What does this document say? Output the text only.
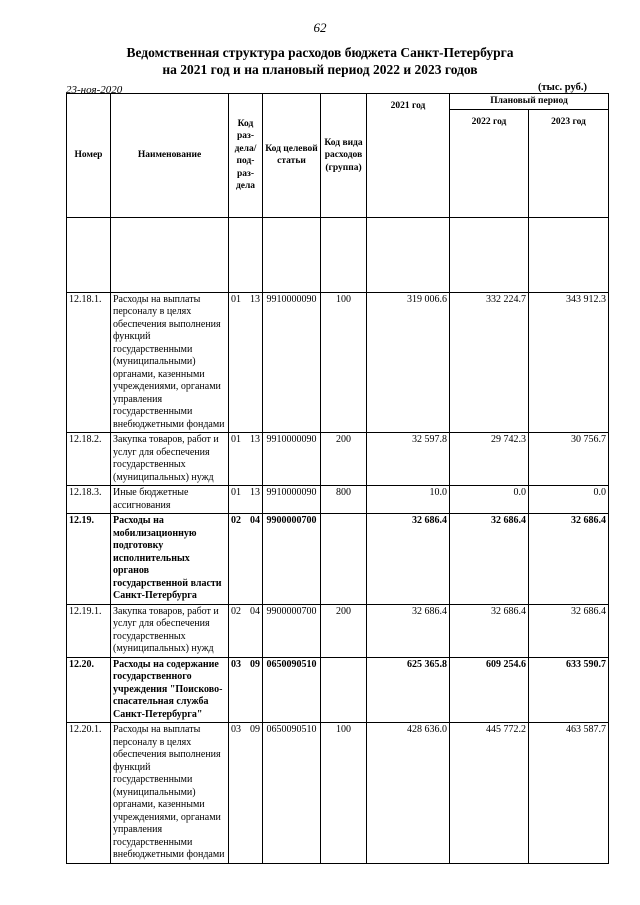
62
Ведомственная структура расходов бюджета Санкт-Петербурга
на 2021 год и на плановый период 2022 и 2023 годов
23-ноя-2020	(тыс. руб.)
Номер	Наименование	Код раз-дела/ под-раз-дела	Код целевой статьи	Код вида расходов (группа)	2021 год	Плановый период	
						2022 год	2023 год

12.18.1.	Расходы на выплаты персоналу в целях обеспечения выполнения функций государственными (муниципальными) органами, казенными учреждениями, органами управления государственными внебюджетными фондами	01 13	9910000090	100	319 006.6	332 224.7	343 912.3
12.18.2.	Закупка товаров, работ и услуг для обеспечения государственных (муниципальных) нужд	01 13	9910000090	200	32 597.8	29 742.3	30 756.7
12.18.3.	Иные бюджетные ассигнования	01 13	9910000090	800	10.0	0.0	0.0
12.19.	Расходы на мобилизационную подготовку исполнительных органов государственной власти Санкт-Петербурга	02 04	9900000700		32 686.4	32 686.4	32 686.4
12.19.1.	Закупка товаров, работ и услуг для обеспечения государственных (муниципальных) нужд	02 04	9900000700	200	32 686.4	32 686.4	32 686.4
12.20.	Расходы на содержание государственного учреждения "Поисково-спасательная служба Санкт-Петербурга"	03 09	0650090510		625 365.8	609 254.6	633 590.7
12.20.1.	Расходы на выплаты персоналу в целях обеспечения выполнения функций государственными (муниципальными) органами, казенными учреждениями, органами управления государственными внебюджетными фондами	03 09	0650090510	100	428 636.0	445 772.2	463 587.7
